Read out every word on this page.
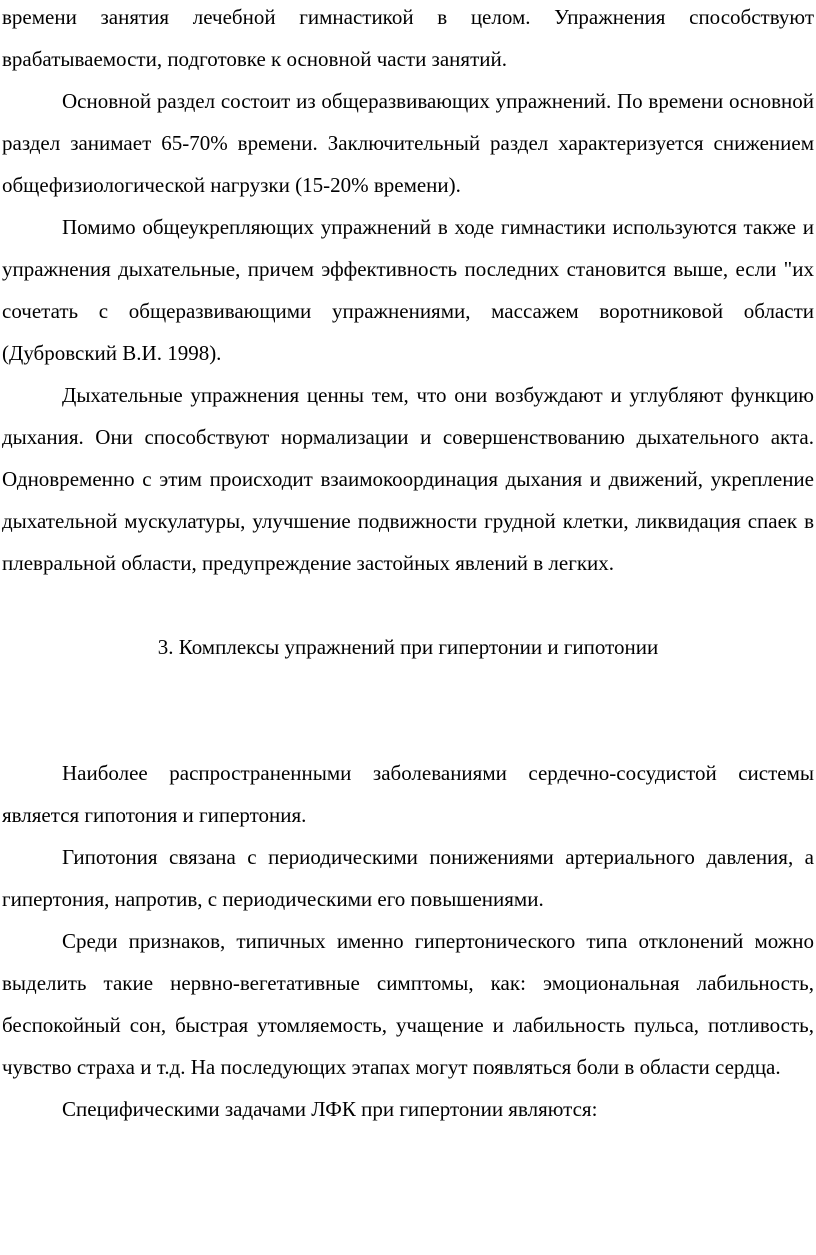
времени занятия лечебной гимнастикой в целом. Упражнения способствуют врабатываемости, подготовке к основной части занятий.

Основной раздел состоит из общеразвивающих упражнений. По времени основной раздел занимает 65-70% времени. Заключительный раздел характеризуется снижением общефизиологической нагрузки (15-20% времени).

Помимо общеукрепляющих упражнений в ходе гимнастики используются также и упражнения дыхательные, причем эффективность последних становится выше, если "их сочетать с общеразвивающими упражнениями, массажем воротниковой области (Дубровский В.И. 1998).

Дыхательные упражнения ценны тем, что они возбуждают и углубляют функцию дыхания. Они способствуют нормализации и совершенствованию дыхательного акта. Одновременно с этим происходит взаимокоординация дыхания и движений, укрепление дыхательной мускулатуры, улучшение подвижности грудной клетки, ликвидация спаек в плевральной области, предупреждение застойных явлений в легких.

3. Комплексы упражнений при гипертонии и гипотонии

Наиболее распространенными заболеваниями сердечно-сосудистой системы является гипотония и гипертония.

Гипотония связана с периодическими понижениями артериального давления, а гипертония, напротив, с периодическими его повышениями.

Среди признаков, типичных именно гипертонического типа отклонений можно выделить такие нервно-вегетативные симптомы, как: эмоциональная лабильность, беспокойный сон, быстрая утомляемость, учащение и лабильность пульса, потливость, чувство страха и т.д. На последующих этапах могут появляться боли в области сердца.

Специфическими задачами ЛФК при гипертонии являются:
